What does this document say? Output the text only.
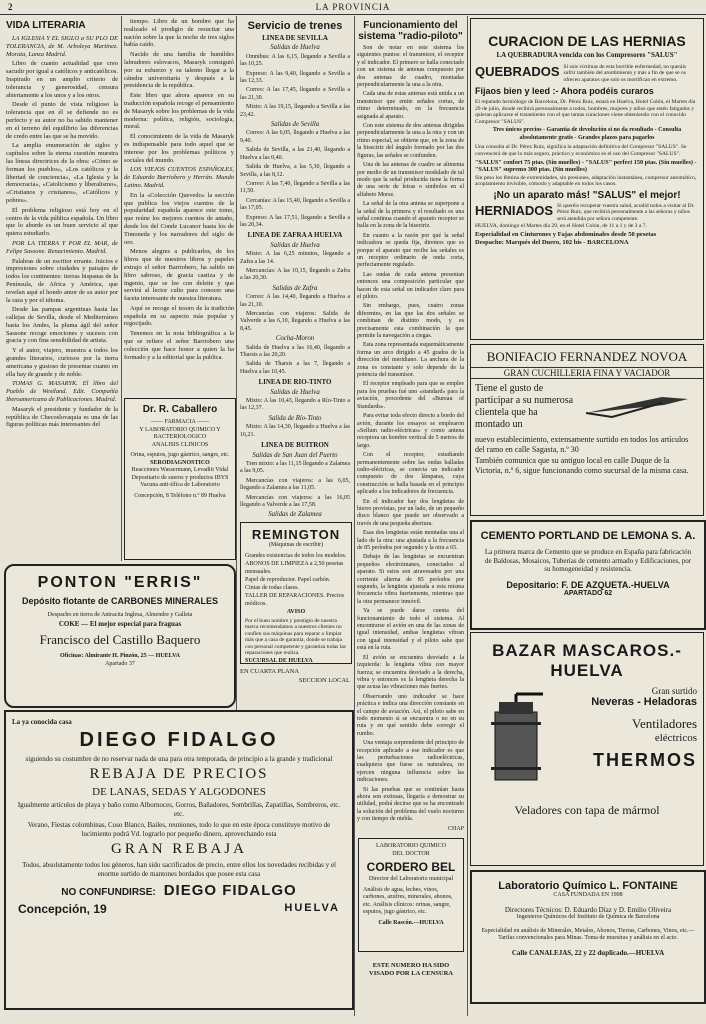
2	LA PROVINCIA
VIDA LITERARIA

LA IGLESIA Y EL SIGLO a SU PLO DE TOLERANCIA, de M. Arboleya Martinez. Morata, Lanza Madrid.

Libro de cuanto actualidad que creo sacudir por igual a católicos y anticatólicos. Inspirado en un amplio criterio de tolerancia y generosidad, censura abiertamente a los unos y a los otros.

Desde el punto de vista religioso la tolerancia que en él se defiende no es perfecto y su autor no ha sabido mantener en el terreno del equilibrio las diferencias de credo entre las que se ha movido.

La amplia enumeración de siglos y capítulos sobre la eterna cuestión muestra las líneas directrices de la obra: «Cómo se forman los pueblos», «Los católicos y la libertad de conciencia», «La Iglesia y la democracia», «Catolicismo y liberalismo», «Cristianos y cristianos», «Católicos y pobres».

El problema religioso está hoy en el centro de la vida pública española. Un libro que lo aborde es un buen servicio al que quiera estudiarlo.

POR LA TIERRA Y POR EL MAR, de Felipe Sassone. Renacimiento. Madrid.

Palabras de un escritor errante. Juicios e impresiones sobre ciudades y paisajes de todos los continentes: tierras hispanas de la Península, de Africa y América, que revelan aquí el hondo amor de su autor por la raza y por el idioma.

Desde las pampas argentinas hasta las callejas de Sevilla, desde el Mediterráneo hasta los Andes, la pluma ágil del señor Sassone recoge emociones y sucesos con gracia y con fina sensibilidad de artista.

Y el autor, viajero, muestra a todos los grandes literarios, curiosos por la tierra americana y gustoso de presentar cuanto en ella hay de grande y de noble.

TOMAS G. MASARYK. El libro del Pueblo de Westland. Edit. Compañía Iberoamericana de Publicaciones. Madrid.

Masaryk el presidente y fundador de la república de Checoslovaquia es una de las figuras políticas más interesantes del

tiempo. Libro de un hombre que ha realizado el prodigio de resucitar una nación sobre la que la noche de tres siglos había caído.

Nacido de una familia de humildes labradores eslovacos, Masaryk consiguió por su esfuerzo y su talento llegar a la cátedra universitaria y después a la presidencia de la república.

Este libro que ahora aparece en su traducción española recoge el pensamiento de Masaryk sobre los problemas de la vida moderna: política, religión, sociología, moral.

El conocimiento de la vida de Masaryk es indispensable para todo aquel que se interese por los problemas políticos y sociales del mundo.

LOS VIEJOS CUENTOS ESPAÑOLES, de Eduardo Barriobero y Herrán. Mundo Latino. Madrid.

En la «Colección Quevedo» la sección que publica los viejos cuentos de la popularidad española aparece este tomo, que reúne los mejores cuentos de antaño, desde los del Conde Lucanor hasta los de Timoneda y los narradores del siglo de oro.

Menos alegres a publicarlos, de los libros que de nuestros libros y papeles extrajo el señor Barriobero, ha salido un libro sabroso, de gracia castiza y de ingenio, que se lee con deleite y que servirá al lector culto para conocer una faceta interesante de nuestra literatura.

Aquí se recoge el tesoro de la tradición española en su aspecto más popular y regocijado.

Tenemos en la nota bibliográfica a la que se refiere el señor Barriobero una colección que hace honor a quien la ha formado y a la editorial que la publica.

Dr. R. Caballero
—— FARMACIA ——
Y LABORATORIO QUIMICO Y BACTERIOLOGICO
ANALISIS CLINICOS
Orina, esputos, jugo gástrico, sangre, etc.
SERODIAGNOSTICO
Reacciones Wassermann, Levaditi Vidal
Depositario de sueros y productos IBYS
Vacuna anti-tífica de Laboratorio
Concepción, 8 Teléfono n.º 89 Huelva
PONTON "ERRIS"
Depósito flotante de CARBONES MINERALES
Despacho en tierra de Antracita Inglesa, Almendre y Galleta
COKE — El mejor especial para fraguas
Francisco del Castillo Baquero
Oficinas: Almirante H. Pinzón, 25 — HUELVA
Apartado 37
Servicio de trenes
LINEA DE SEVILLA
Salidas de Huelva

Omnibus: A las 6,15, llegando a Sevilla a las 10,25.

Expreso: A las 9,40, llegando a Sevilla a las 12,33.

Correo: A las 17,45, llegando a Sevilla a las 21,30.

Mixto: A las 19,15, llegando a Sevilla a las 23,42.

Salidas de Sevilla

Correo: A las 6,05, llegando a Huelva a las 9,40.

Salida de Sevilla, a las 21,40, llegando a Huelva a las 0,40.

Salida de Huelva, a las 5,30, llegando a Sevilla, a las 8,12.

Correo: A las 7,40, llegando a Sevilla a las 11,50.

Cercanías: A las 15,40, llegando a Sevilla a las 17,05.

Expreso: A las 17,51, llegando a Sevilla a las 20,34.

LINEA DE ZAFRA A HUELVA
Salidas de Huelva

Mixto: A las 6,25 minutos, llegando a Zafra a las 14.

Mercancías: A las 10,15, llegando a Zafra a las 20,30.

Salidas de Zafra

Correo: A las 14,40, llegando a Huelva a las 21,10.

Mercancías con viajeros: Salida de Valverde a las 6,10, llegando a Huelva a las 8,45.

Cocha-Moron

Salida de Huelva a las 16,40, llegando a Tharsis a las 20,20.

Salida de Tharsis a las 7, llegando a Huelva a las 10,45.

LINEA DE RIO-TINTO
Salidas de Huelva

Mixto: A las 10,43, llegando a Río-Tinto a las 12,37.

Salida de Río-Tinto

Mixto: A las 14,30, llegando a Huelva a las 16,21.

LINEA DE BUITRON
Salidas de San Juan del Puerto

Tren mixto: a las 11,15 llegando a Zalamea a las 9,05.

Mercancías con viajeros: a las 6,05, llegando a Zalamea a las 11,05.

Mercancías con viajeros: a las 16,05 llegando a Valverde a las 17,58.

Salidas de Zalamea

REMINGTON
(Máquinas de escribir)
Grandes existencias de todos los modelos.
ABONOS DE LIMPIEZA a 2,50 pesetas mensuales.
Papel de reproductor. Papel carbón. Cintas de todas clases.
TALLER DE REPARACIONES. Precios módicos.
AVISO
Por el buen nombre y prestigio de nuestra marca recomendamos a nuestros clientes no confíen sus máquinas para reparar o limpiar más que a casa de garantía, donde se trabaja con personal competente y garantiza todas las reparaciones que realiza.
SUCURSAL DE HUELVA
EN CUARTA PLANA
SECCION LOCAL
Funcionamiento del sistema "radio-piloto"

Son de notar en este sistema los siguientes puntos: el transmisor, el receptor y el indicador. El primero se halla conectado con un sistema de antenas compuesto por dos antenas de cuadro, montadas perpendicularmente la una a la otra.

Cada una de estas antenas está unida a un transmisor que emite señales cortas, de ritmo determinado, en la frecuencia asignada al aparato.

Con este sistema de dos antenas dirigidas perpendicularmente la una a la otra y con un ritmo especial, se obtiene que, en la zona de la bisectriz del ángulo formado por las dos figuras, las señales se confunden.

Una de las antenas de cuadro se alimenta por medio de un transmisor modulado de tal modo que la señal producida tiene la forma de una serie de letras o símbolos en el alfabeto Morse.

La señal de la otra antena se superpone a la señal de la primera y el resultado es una señal continua cuando el aparato receptor se halla en la zona de la bisectriz.

En cuanto a la razón por qué la señal indicadora se queda fija, diremos que es porque el aparato que recibe las señales es un receptor ordinario de onda corta, perfectamente regulado.

Las ondas de cada antena presentan entonces una composición particular que hacen de esta señal un indicador claro para el piloto.

Sin embargo, pues, cuatro zonas diferentes, en las que las dos señales se combinan de distinto modo, y es precisamente esta combinación la que permite la navegación a ciegas.

Esta zona representada esquemáticamente forma un arco dirigido a 45 grados de la dirección del meridiano. La anchura de la zona es constante y solo depende de la potencia del transmisor.

El receptor empleado para que se emplee para los pruebas fué uno «standard» para la aviación, procedente del «Bureau of Standards».

Para evitar toda efecto directo a bordo del avión, durante los ensayos se emplearon «Sellum radio-eléctricas» y como antena receptora un hombre vertical de 5 metros de largo.

Con el receptor, estudiando permanentemente sobre las ondas halladas radio-eléctricas, se conecta un indicador compuesto de dos lámparas, cuya construcción se halla basada en el principio aplicado a los indicadores de frecuencia.

En el indicador hay dos lengüetas de hierro provistas, por un lado, de un pequeño disco blanco que puede ser observado a través de una pequeña abertura.

Esas dos lengüetas están montadas una al lado de la otra: una ajustada a la frecuencia de 85 períodos por segundo y la otra a 65.

Debajo de las lengüetas se encuentran pequeños electroimanes, conectados al aparato. Si estos son atravesados por una corriente alterna de 85 períodos por segundo, la lengüeta ajustada a esta misma frecuencia vibra fuertemente, mientras que la otra permanece inmóvil.

Ya se puede darse cuenta del funcionamiento de todo el sistema. Al encontrarse el avión en una de las zonas de igual intensidad, ambas lengüetas vibran con igual intensidad y el piloto sabe que está en la ruta.

El avión se encuentra desviado a la izquierda: la lengüeta vibra con mayor fuerza; se encuentra desviado a la derecha, vibra y entonces es la lengüeta derecha la que acusa las vibraciones más fuertes.

Observando uno indicador se hace práctica e indica una dirección constante en el campo de aviación. Así, el piloto sabe en todo momento si se encuentra o no en su ruta y en qué sentido debe corregir el rumbo.

Una ventaja sorprendente del principio de recepción aplicado a ese indicador es que las perturbaciones radioeléctricas, cualquiera que fuese su naturaleza, no ejercen ninguna influencia sobre las indicaciones.

Si las pruebas que se continúan hasta ahora son exitosas, llegaría a demostrar su utilidad, podrá decirse que se ha encontrado la solución del problema del vuelo nocturno y con tiempo de niebla.

CHAP
LABORATORIO QUIMICO
DEL DOCTOR
CORDERO BEL
Director del Laboratorio municipal
Análisis de agua, leches, vinos, carbones, azufres, minerales, abonos, etc. Análisis clínicos: orinas, sangre, esputos, jugo gástrico, etc.
Calle Rascón.—HUELVA
ESTE NUMERO HA SIDO VISADO POR LA CENSURA
La ya conocida casa
DIEGO FIDALGO
siguiendo su costumbre de no reservar nada de una para otra temporada, de principio a la grande y tradicional
REBAJA DE PRECIOS
DE LANAS, SEDAS Y ALGODONES
Igualmente artículos de playa y baño como Albornoces, Gorros, Bañadores, Sombrillas, Zapatillas, Sombreros, etc. etc.
Verano, Fiestas colombinas, Coso Blanco, Bailes, reuniones, todo lo que en este época constituye motivo de lucimiento podrá Vd. lograrlo por pequeño dinero, aprovechando esta
GRAN REBAJA
Todos, absolutamente todos los géneros, han sido sacrificados de precio, entre ellos los novedades recibidas y el enorme surtido de mantones bordados que posee esta casa
NO CONFUNDIRSE: DIEGO FIDALGO
Concepción, 19	HUELVA
CURACION DE LAS HERNIAS
LA QUEBRADURA vencida con los Compresores "SALUS"
QUEBRADOS Si sois víctimas de esta horrible enfermedad, no queráis sufrir también del aturdimiento y más a fin de que se os ofrecen aparatos que solo os mortifican en extremo.
Fijaos bien y leed :- Ahora podéis curaros
El reputado herniólogo de Barcelona, Dr. Pérez Ruiz, estará en Huelva, Hotel Colón, el Martes día 29 de julio, donde recibirá personalmente a todos, hombres, mujeres y niños que estén fatigados y quieran aplicarse el tratamiento con el que tantas curaciones viene obteniendo con el conocido Compresor "SALUS".
Tres únicos precios - Garantía de devolución si no da resultado - Consulta absolutamente gratis - Grandes plazos para pagarlos
Una consulta al Dr. Pérez Ruiz, significa la adaptación definitiva del Compresor "SALUS". Se convencerá de que lo más seguro, práctico y económico es el uso del Compresor "SALUS".
"SALUS" confort 75 ptas. (Sin muelles) - "SALUS" perfect 150 ptas. (Sin muelles) - "SALUS" supremo 300 ptas. (Sin muelles)
Sin peso los fémina de extremidades, sin presiones, adaptación instantánea, compresor automático, acoplamiento invisible, cómodo y adaptable en todos los casos.
¡No un aparato más! "SALUS" el mejor!
HERNIADOS Si queréis recuperar vuestra salud, acudid todos a visitar al Dr. Pérez Ruiz, que recibirá personalmente a las señoras y niños será atendida por señora competente.
HUELVA, domingo el Martes día 29, en el Hotel Colón, de 11 a 1 y de 3 a 7.
Especialidad en Cinturones y Fajas abdominales desde 50 pesetas
Despacho: Marqués del Duero, 102 bis - BARCELONA
BONIFACIO FERNANDEZ NOVOA
GRAN CUCHILLERIA FINA Y VACIADOR
Tiene el gusto de participar a su numerosa clientela que ha montado un
nuevo establecimiento, extensamente surtido en todos los artículos del ramo en calle Sagasta, n.º 30
También comunica que su antiguo local en calle Duque de la Victoria, n.º 6, sigue funcionando como sucursal de la misma casa.
CEMENTO PORTLAND DE LEMONA S. A.
La primera marca de Cemento que se produce en España para fabricación de Baldosas, Mosaicos, Tuberías de cemento armado y Edificaciones, por su homogeneidad y resistencia.
Depositario: F. DE AZQUETA.-HUELVA
APARTADO 62
BAZAR MASCAROS.-HUELVA
Gran surtido
Neveras - Heladoras
Ventiladores
eléctricos
THERMOS
Veladores con tapa de mármol
Laboratorio Químico L. FONTAINE
CASA FUNDADA EN 1908
Directores Técnicos: D. Eduardo Díaz y D. Emilio Oliveira
Ingenieros Químicos del Instituto de Química de Barcelona
Especialidad en análisis de Minerales, Metales, Abonos, Tierras, Carbones, Vinos, etc.— Tarifas convencionales para Minas. Toma de muestras y análisis en el acto.
Calle CANALEJAS, 22 y 22 duplicado.—HUELVA
